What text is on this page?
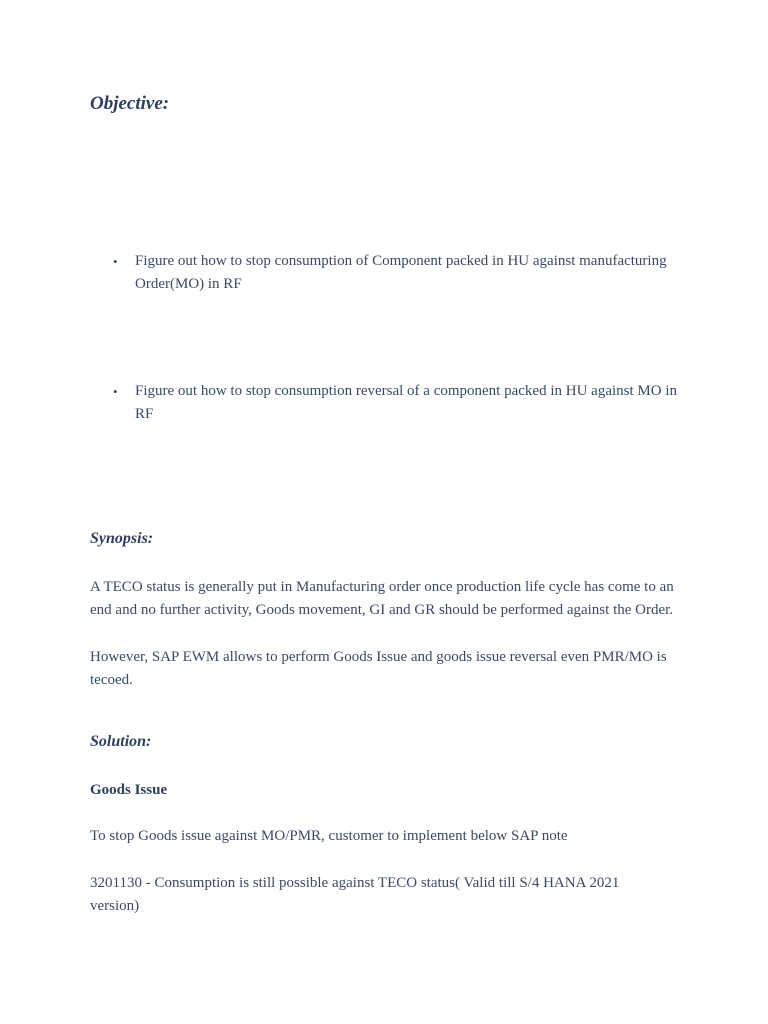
Objective:
• Figure out how to stop consumption of Component packed in HU against manufacturing Order(MO) in RF
• Figure out how to stop consumption reversal of a component packed in HU against MO in RF
Synopsis:

A TECO status is generally put in Manufacturing order once production life cycle has come to an end and no further activity, Goods movement, GI and GR should be performed against the Order.

However, SAP EWM allows to perform Goods Issue and goods issue reversal even PMR/MO is tecoed.

Solution:

Goods Issue

To stop Goods issue against MO/PMR, customer to implement below SAP note

3201130 - Consumption is still possible against TECO status( Valid till S/4 HANA 2021 version)
